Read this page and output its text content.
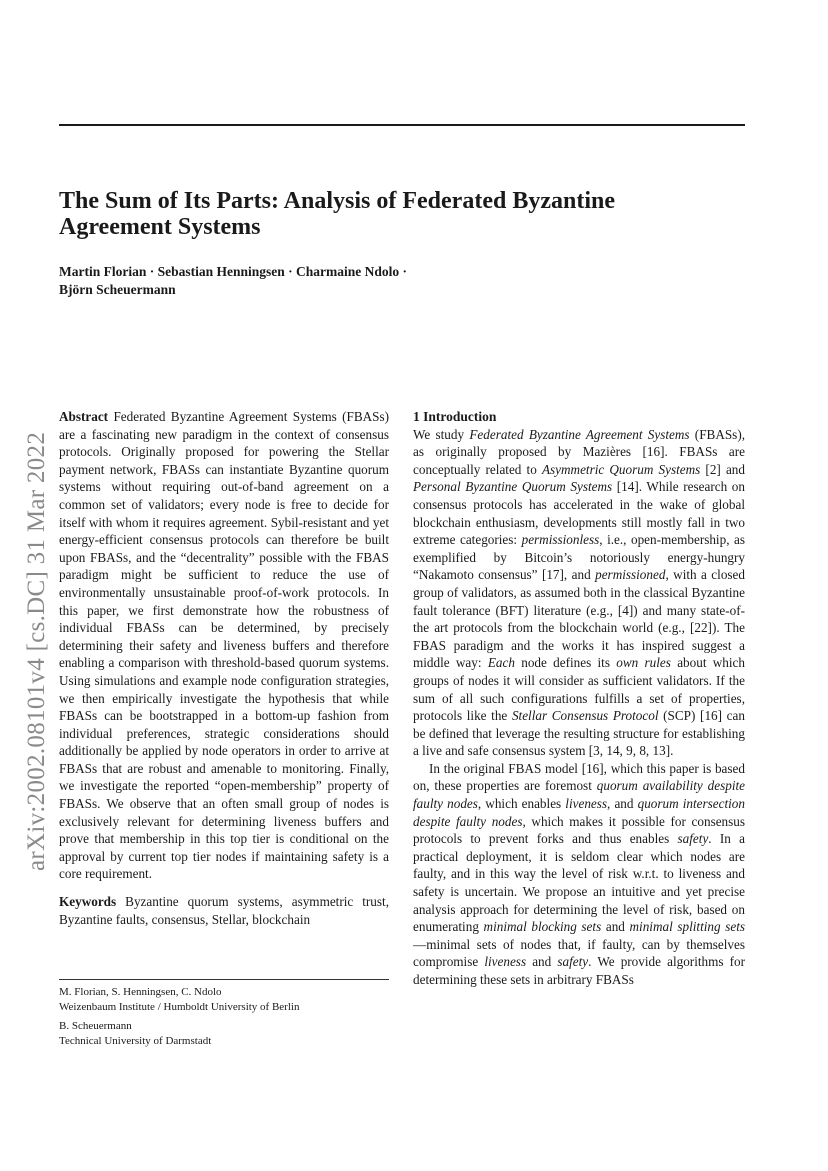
arXiv:2002.08101v4 [cs.DC] 31 Mar 2022
The Sum of Its Parts: Analysis of Federated Byzantine
Agreement Systems

Martin Florian · Sebastian Henningsen · Charmaine Ndolo ·
Björn Scheuermann

Abstract Federated Byzantine Agreement Systems (FBASs) are a fascinating new paradigm in the context of consensus protocols. Originally proposed for powering the Stellar payment network, FBASs can instantiate Byzantine quorum systems without requiring out-of-band agreement on a common set of validators; every node is free to decide for itself with whom it requires agreement. Sybil-resistant and yet energy-efficient consensus protocols can therefore be built upon FBASs, and the “decentrality” possible with the FBAS paradigm might be sufficient to reduce the use of environmentally unsustainable proof-of-work protocols. In this paper, we first demonstrate how the robustness of individual FBASs can be determined, by precisely determining their safety and liveness buffers and therefore enabling a comparison with threshold-based quorum systems. Using simulations and example node configuration strategies, we then empirically investigate the hypothesis that while FBASs can be bootstrapped in a bottom-up fashion from individual preferences, strategic considerations should additionally be applied by node operators in order to arrive at FBASs that are robust and amenable to monitoring. Finally, we investigate the reported “open-membership” property of FBASs. We observe that an often small group of nodes is exclusively relevant for determining liveness buffers and prove that membership in this top tier is conditional on the approval by current top tier nodes if maintaining safety is a core requirement.

Keywords Byzantine quorum systems, asymmetric trust, Byzantine faults, consensus, Stellar, blockchain

M. Florian, S. Henningsen, C. Ndolo
Weizenbaum Institute / Humboldt University of Berlin

B. Scheuermann
Technical University of Darmstadt

1 Introduction

We study Federated Byzantine Agreement Systems (FBASs), as originally proposed by Mazières [16]. FBASs are conceptually related to Asymmetric Quorum Systems [2] and Personal Byzantine Quorum Systems [14]. While research on consensus protocols has accelerated in the wake of global blockchain enthusiasm, developments still mostly fall in two extreme categories: permissionless, i.e., open-membership, as exemplified by Bitcoin’s notoriously energy-hungry “Nakamoto consensus” [17], and permissioned, with a closed group of validators, as assumed both in the classical Byzantine fault tolerance (BFT) literature (e.g., [4]) and many state-of-the art protocols from the blockchain world (e.g., [22]). The FBAS paradigm and the works it has inspired suggest a middle way: Each node defines its own rules about which groups of nodes it will consider as sufficient validators. If the sum of all such configurations fulfills a set of properties, protocols like the Stellar Consensus Protocol (SCP) [16] can be defined that leverage the resulting structure for establishing a live and safe consensus system [3, 14, 9, 8, 13].

In the original FBAS model [16], which this paper is based on, these properties are foremost quorum availability despite faulty nodes, which enables liveness, and quorum intersection despite faulty nodes, which makes it possible for consensus protocols to prevent forks and thus enables safety. In a practical deployment, it is seldom clear which nodes are faulty, and in this way the level of risk w.r.t. to liveness and safety is uncertain. We propose an intuitive and yet precise analysis approach for determining the level of risk, based on enumerating minimal blocking sets and minimal splitting sets—minimal sets of nodes that, if faulty, can by themselves compromise liveness and safety. We provide algorithms for determining these sets in arbitrary FBASs
